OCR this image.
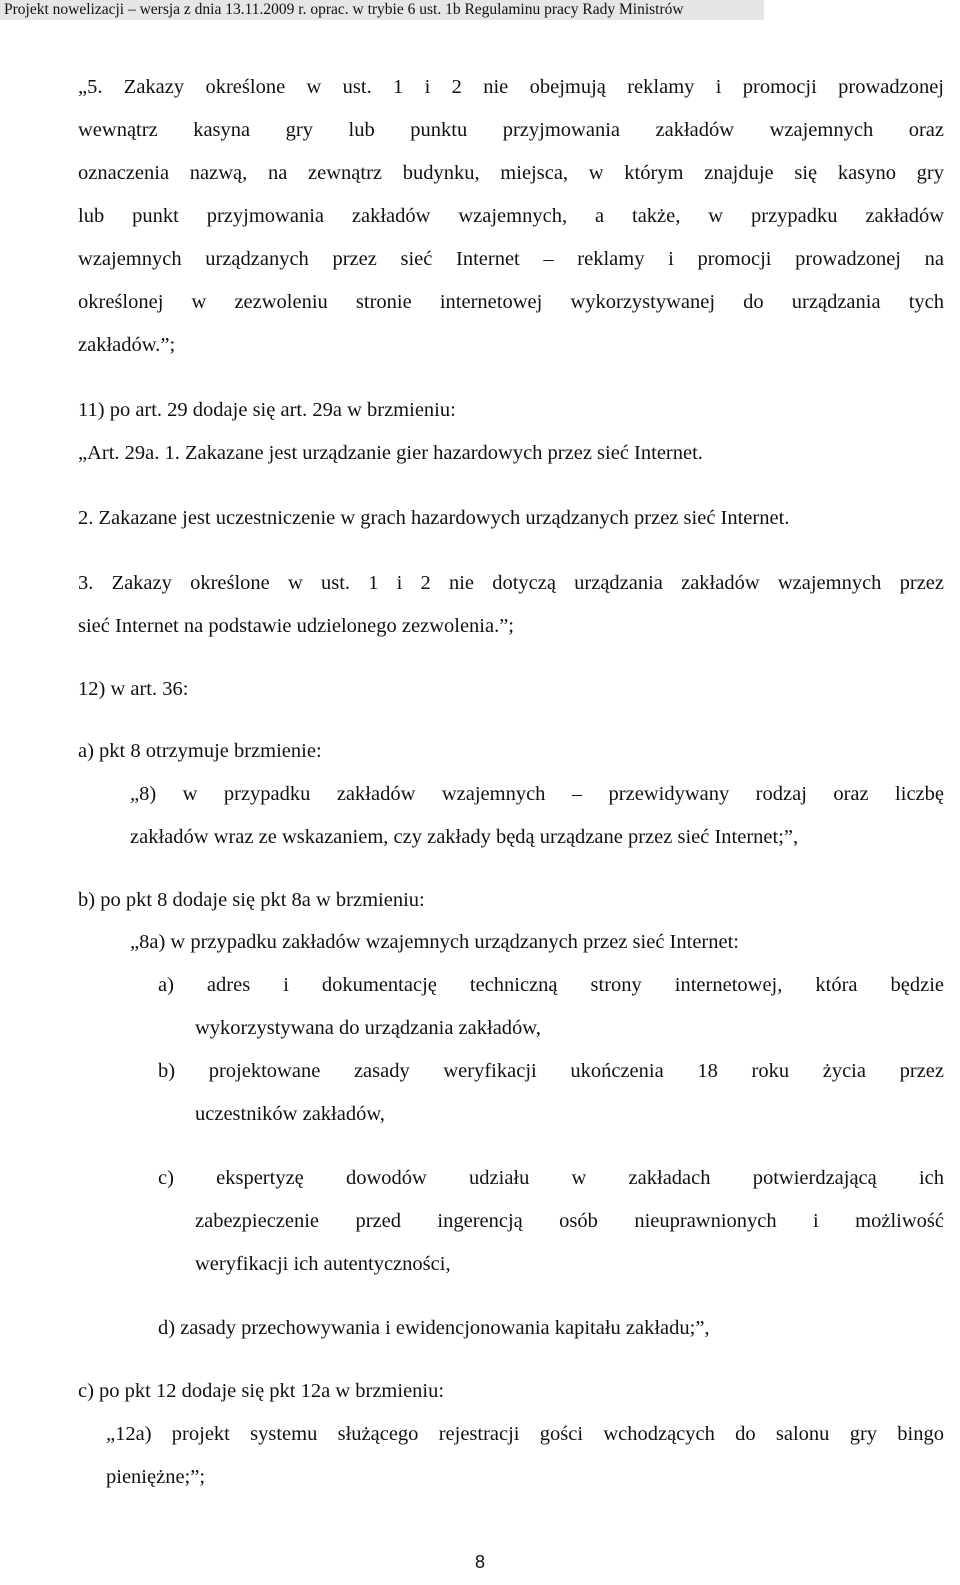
Projekt nowelizacji – wersja z dnia 13.11.2009 r. oprac. w trybie 6 ust. 1b Regulaminu pracy Rady Ministrów
„5. Zakazy określone w ust. 1 i 2 nie obejmują reklamy i promocji prowadzonej
wewnątrz kasyna gry lub punktu przyjmowania zakładów wzajemnych oraz
oznaczenia nazwą, na zewnątrz budynku, miejsca, w którym znajduje się kasyno gry
lub punkt przyjmowania zakładów wzajemnych, a także, w przypadku zakładów
wzajemnych urządzanych przez sieć Internet – reklamy i promocji prowadzonej na
określonej w zezwoleniu stronie internetowej wykorzystywanej do urządzania tych
zakładów.”;
11) po art. 29 dodaje się art. 29a w brzmieniu:
„Art. 29a. 1. Zakazane jest urządzanie gier hazardowych przez sieć Internet.
2. Zakazane jest uczestniczenie w grach hazardowych urządzanych przez sieć Internet.
3. Zakazy określone w ust. 1 i 2 nie dotyczą urządzania zakładów wzajemnych przez
sieć Internet na podstawie udzielonego zezwolenia.”;
12) w art. 36:
a) pkt 8 otrzymuje brzmienie:
„8) w przypadku zakładów wzajemnych – przewidywany rodzaj oraz liczbę
zakładów wraz ze wskazaniem, czy zakłady będą urządzane przez sieć Internet;”,
b) po pkt 8 dodaje się pkt 8a w brzmieniu:
„8a) w przypadku zakładów wzajemnych urządzanych przez sieć Internet:
a) adres i dokumentację techniczną strony internetowej, która będzie
wykorzystywana do urządzania zakładów,
b) projektowane zasady weryfikacji ukończenia 18 roku życia przez
uczestników zakładów,
c) ekspertyzę dowodów udziału w zakładach potwierdzającą ich
zabezpieczenie przed ingerencją osób nieuprawnionych i możliwość
weryfikacji ich autentyczności,
d) zasady przechowywania i ewidencjonowania kapitału zakładu;”,
c) po pkt 12 dodaje się pkt 12a w brzmieniu:
„12a) projekt systemu służącego rejestracji gości wchodzących do salonu gry bingo
pieniężne;”;
8
